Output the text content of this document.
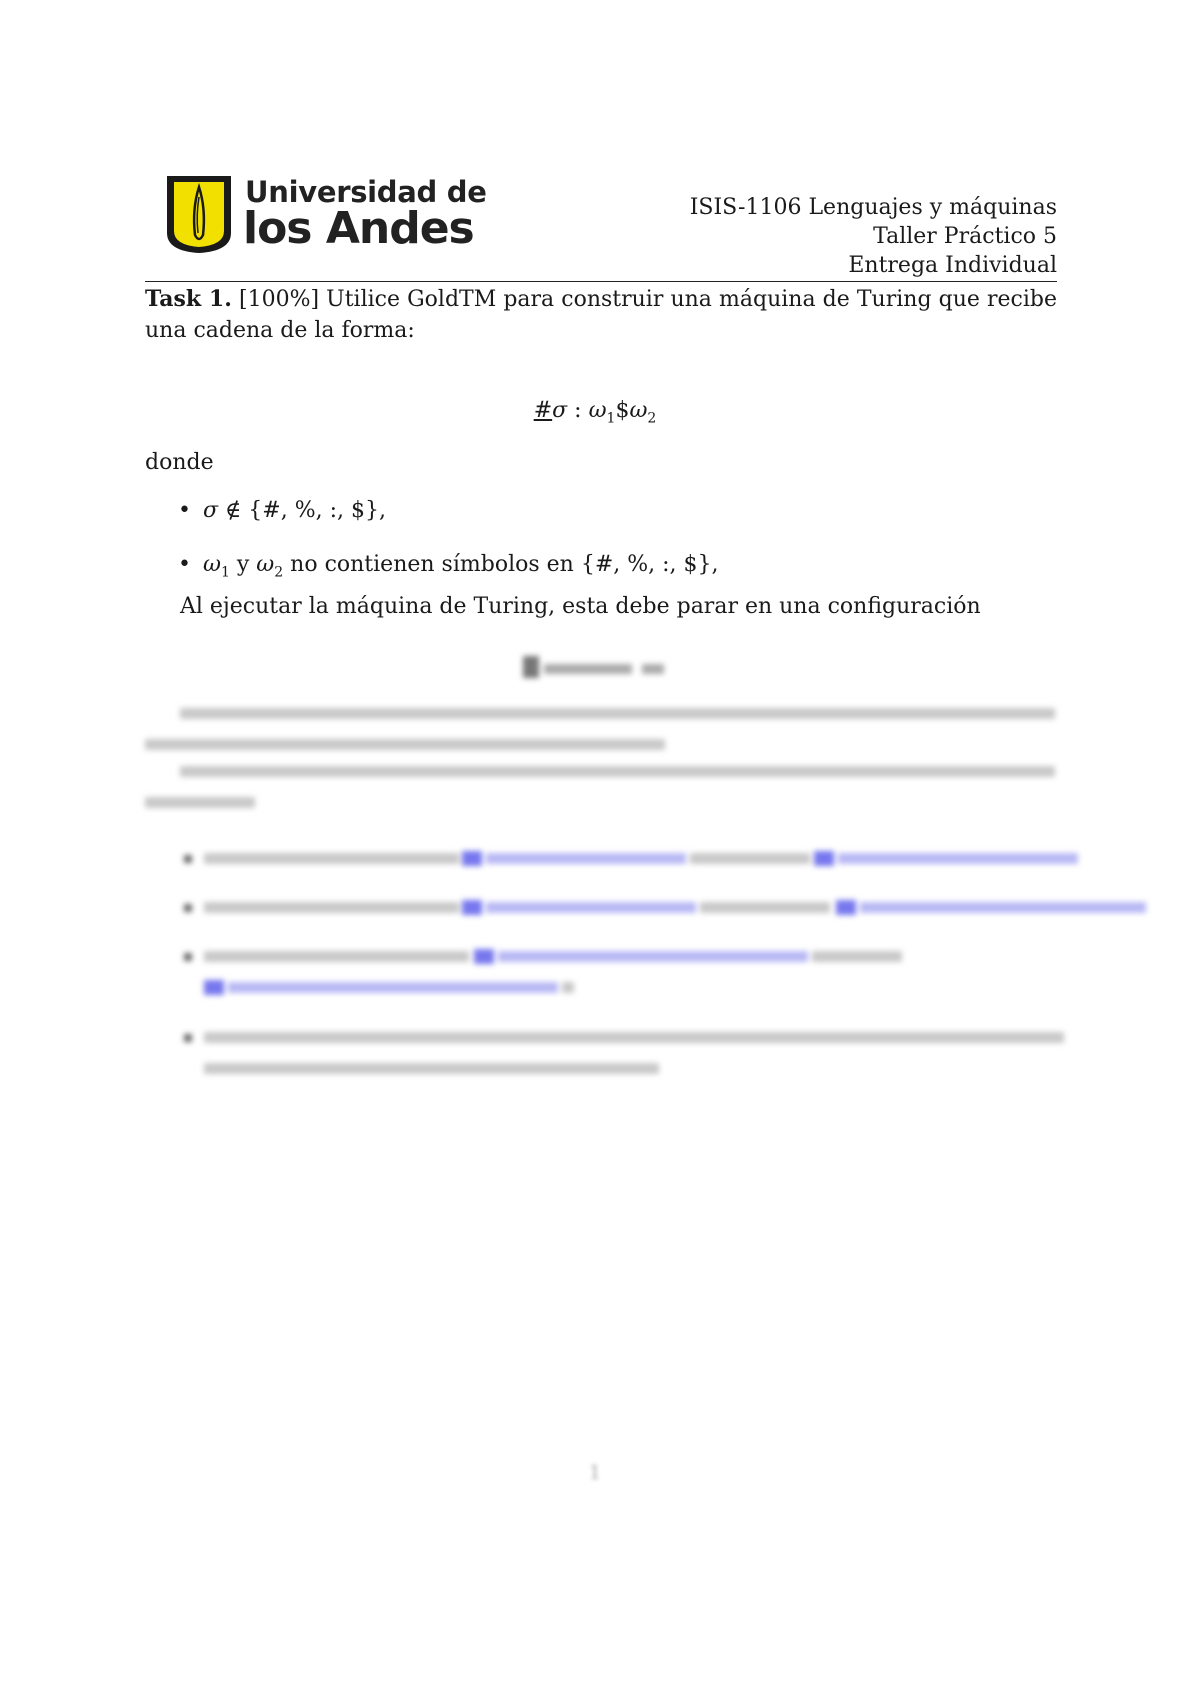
Universidad de
los Andes	ISIS-1106 Lenguajes y máquinas
Taller Práctico 5
Entrega Individual
Task 1. [100%] Utilice GoldTM para construir una máquina de Turing que recibe una cadena de la forma:
#σ : $\omega_1\$\omega_2$
donde
• σ ∉ {#, %, :, $},
• $\omega_1$ y $\omega_2$ no contienen símbolos en {#, %, :, $},
Al ejecutar la máquina de Turing, esta debe parar en una configuración
1
